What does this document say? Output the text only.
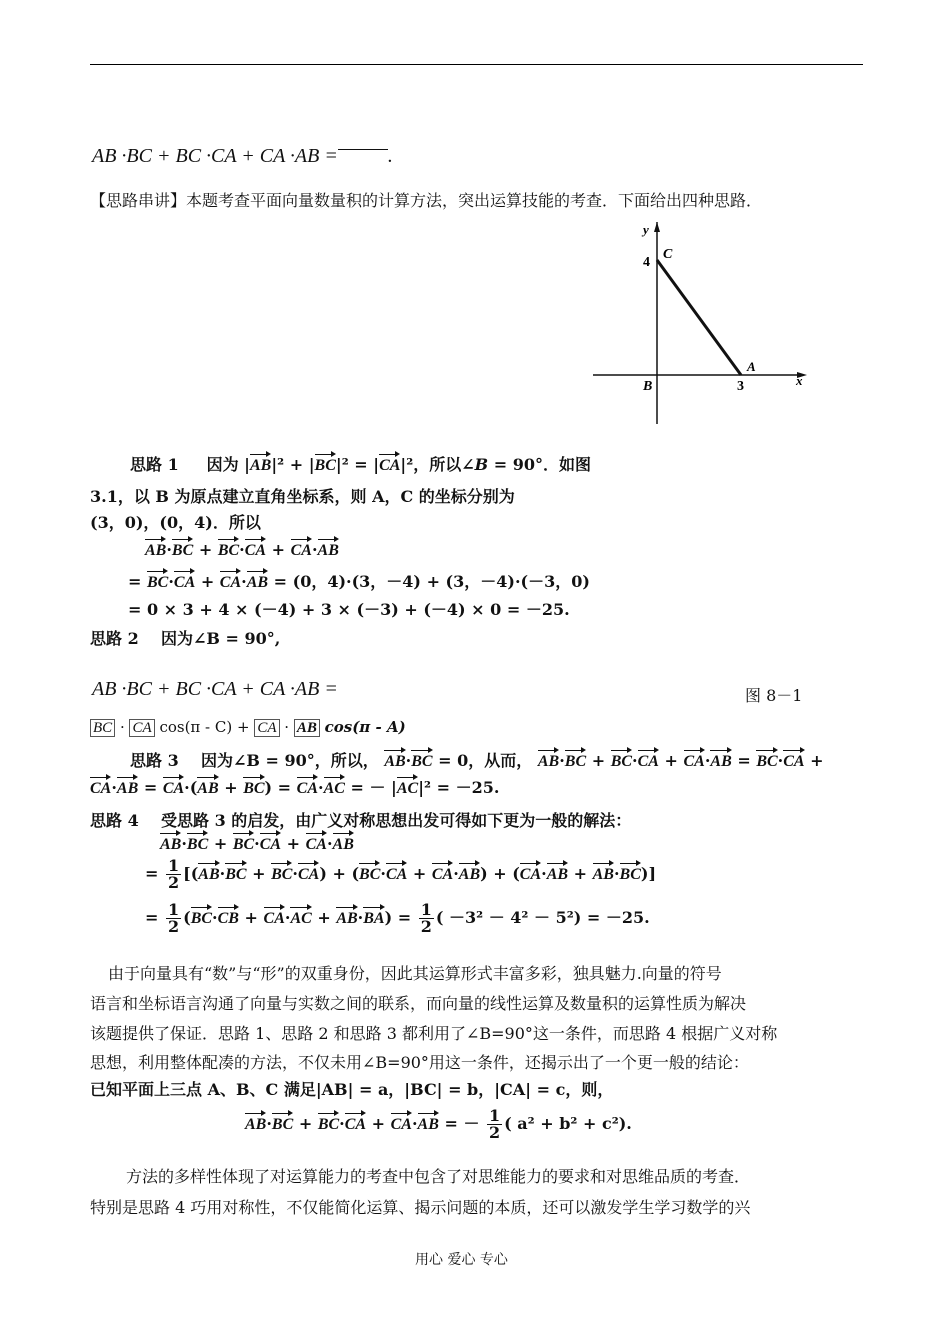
AB ·BC + BC ·CA + CA ·AB =	.
【思路串讲】本题考查平面向量数量积的计算方法，突出运算技能的考查．下面给出四种思路．
y
x
C
4
A
B	3
思路 1 因为 |AB|² + |BC|² = |CA|²，所以∠B = 90°．如图
3.1，以 B 为原点建立直角坐标系，则 A，C 的坐标分别为
(3，0)，(0，4)．所以
AB·BC + BC·CA + CA·AB
= BC·CA + CA·AB = (0，4)·(3，－4) + (3，－4)·(－3，0)
= 0 × 3 + 4 × (－4) + 3 × (－3) + (－4) × 0 = －25.
思路 2 因为∠B = 90°,
AB ·BC + BC ·CA + CA ·AB =	图 8－1
BC · CA cos(π - C) + CA · AB cos(π - A)
思路 3 因为∠B = 90°，所以， AB·BC = 0，从而， AB·BC + BC·CA + CA·AB = BC·CA +
CA·AB = CA·(AB + BC) = CA·AC = － |AC|² = －25.
思路 4 受思路 3 的启发，由广义对称思想出发可得如下更为一般的解法：
AB·BC + BC·CA + CA·AB
= $\frac{1}{2} [(AB\cdot BC + BC\cdot CA) + (BC\cdot CA + CA\cdot AB) + (CA\cdot AB + AB\cdot BC)]$
= $\frac{1}{2} (BC\cdot CB + CA\cdot AC + AB\cdot BA) = \frac{1}{2}$ ( －3² － 4² － 5²) = －25.
由于向量具有“数”与“形”的双重身份，因此其运算形式丰富多彩，独具魅力.向量的符号
语言和坐标语言沟通了向量与实数之间的联系，而向量的线性运算及数量积的运算性质为解决
该题提供了保证．思路 1、思路 2 和思路 3 都利用了∠B=90°这一条件，而思路 4 根据广义对称
思想，利用整体配凑的方法，不仅未用∠B=90°用这一条件，还揭示出了一个更一般的结论：
已知平面上三点 A、B、C 满足|AB| = a，|BC| = b，|CA| = c，则，
AB·BC + BC·CA + CA·AB = － $\frac{1}{2}$ ( a² + b² + c²).
方法的多样性体现了对运算能力的考查中包含了对思维能力的要求和对思维品质的考查．
特别是思路 4 巧用对称性，不仅能简化运算、揭示问题的本质，还可以激发学生学习数学的兴
用心 爱心 专心
